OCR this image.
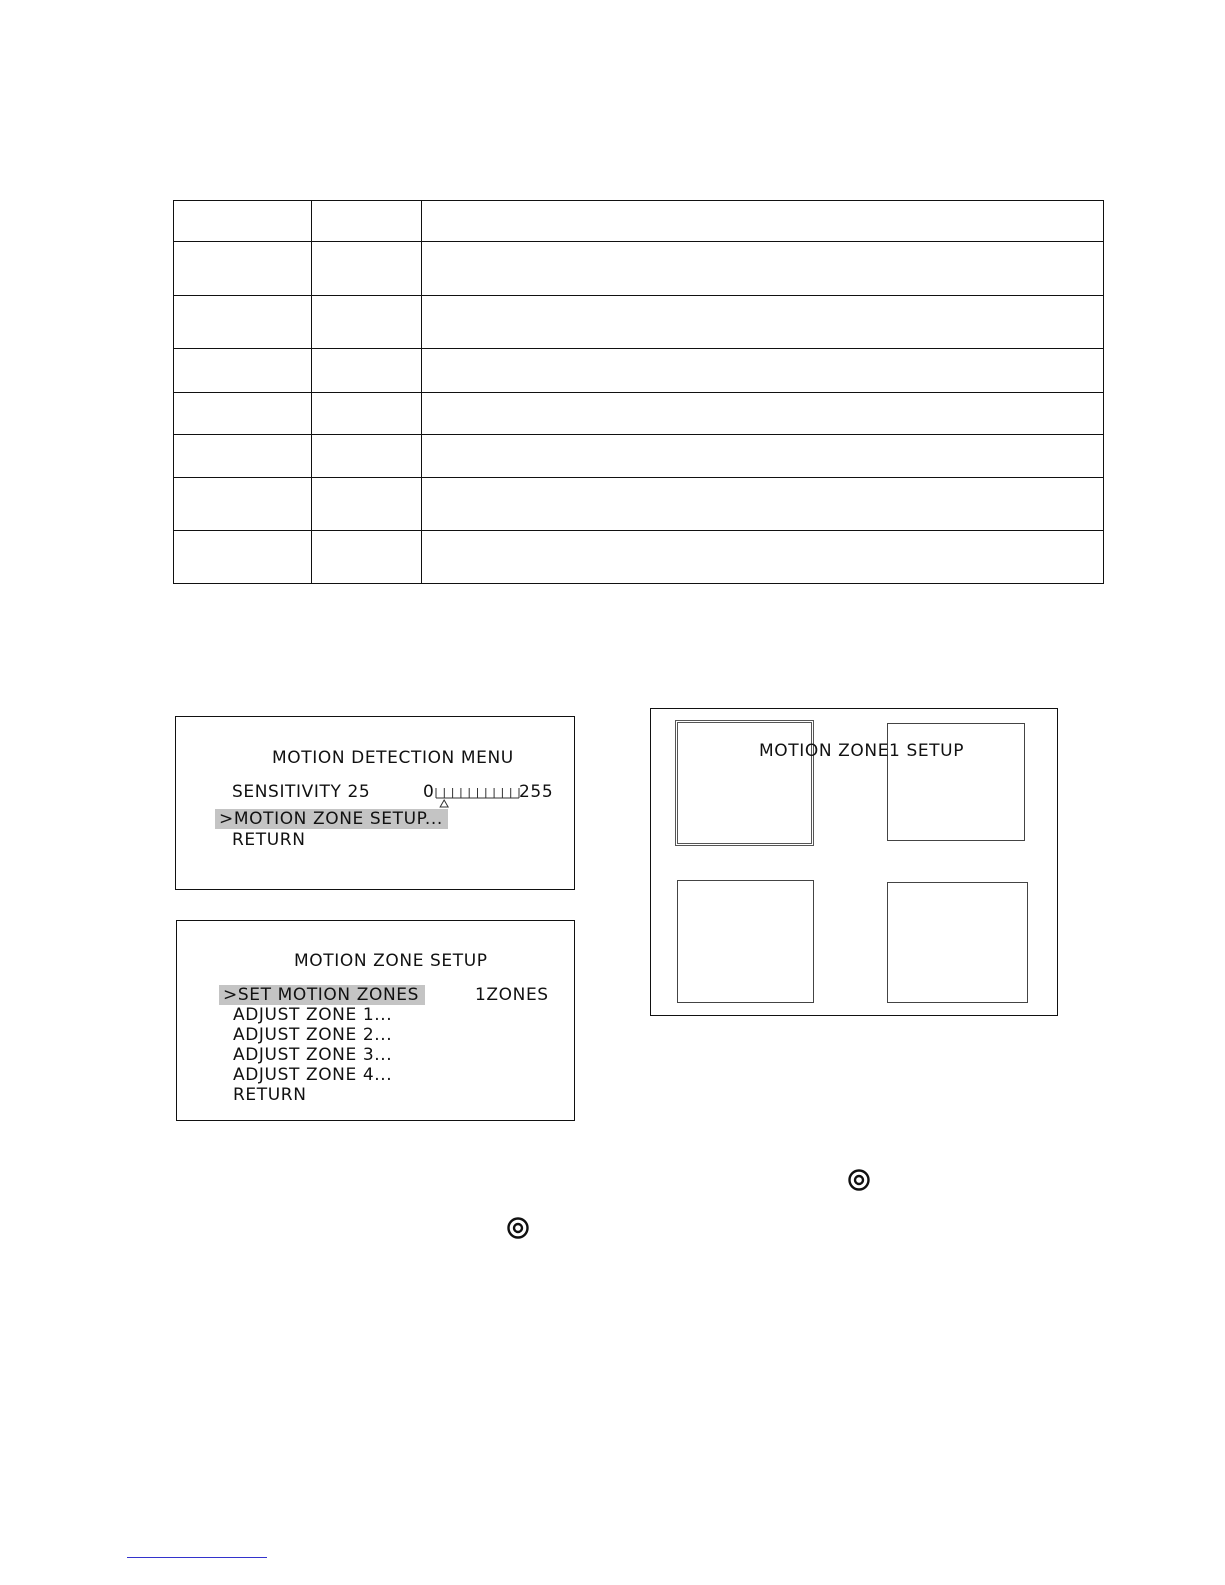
MOTION DETECTION MENU
SENSITIVITY 25	0	255
>MOTION ZONE SETUP...
RETURN
MOTION ZONE SETUP
>SET MOTION ZONES	1ZONES
ADJUST ZONE 1...
ADJUST ZONE 2...
ADJUST ZONE 3...
ADJUST ZONE 4...
RETURN
MOTION ZONE1 SETUP
